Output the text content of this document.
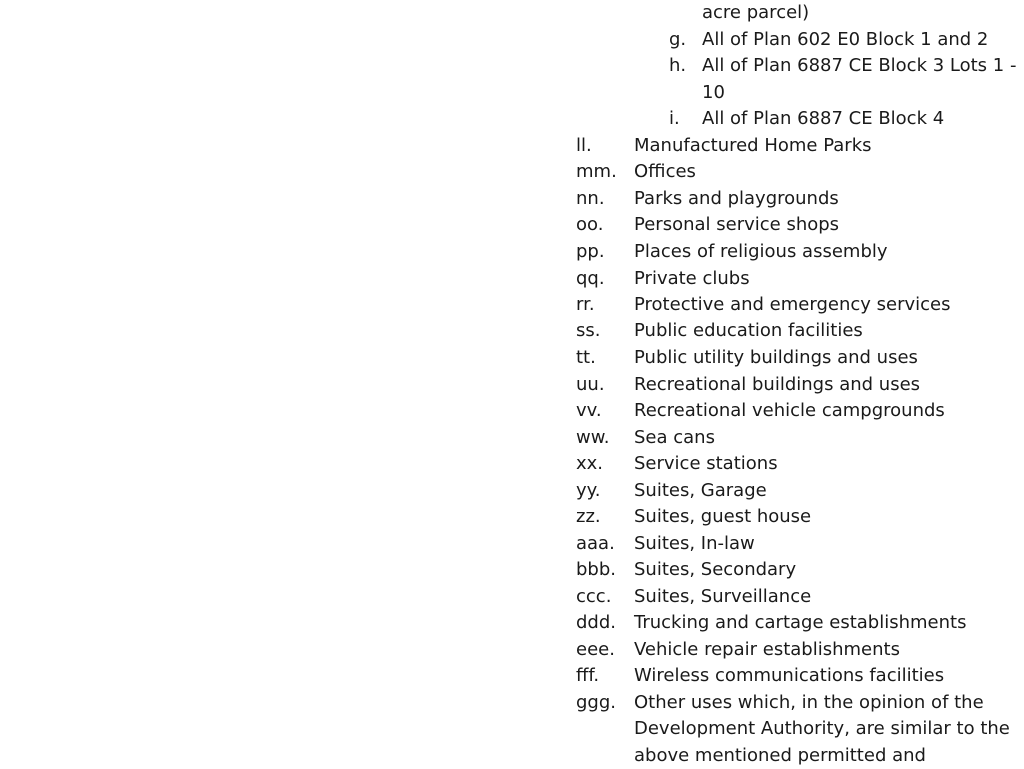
acre parcel)
g. All of Plan 602 E0 Block 1 and 2
h. All of Plan 6887 CE Block 3 Lots 1 -
10
i. All of Plan 6887 CE Block 4
ll. Manufactured Home Parks
mm. Offices
nn. Parks and playgrounds
oo. Personal service shops
pp. Places of religious assembly
qq. Private clubs
rr. Protective and emergency services
ss. Public education facilities
tt. Public utility buildings and uses
uu. Recreational buildings and uses
vv. Recreational vehicle campgrounds
ww. Sea cans
xx. Service stations
yy. Suites, Garage
zz. Suites, guest house
aaa. Suites, In-law
bbb. Suites, Secondary
ccc. Suites, Surveillance
ddd. Trucking and cartage establishments
eee. Vehicle repair establishments
fff. Wireless communications facilities
ggg. Other uses which, in the opinion of the
Development Authority, are similar to the
above mentioned permitted and
